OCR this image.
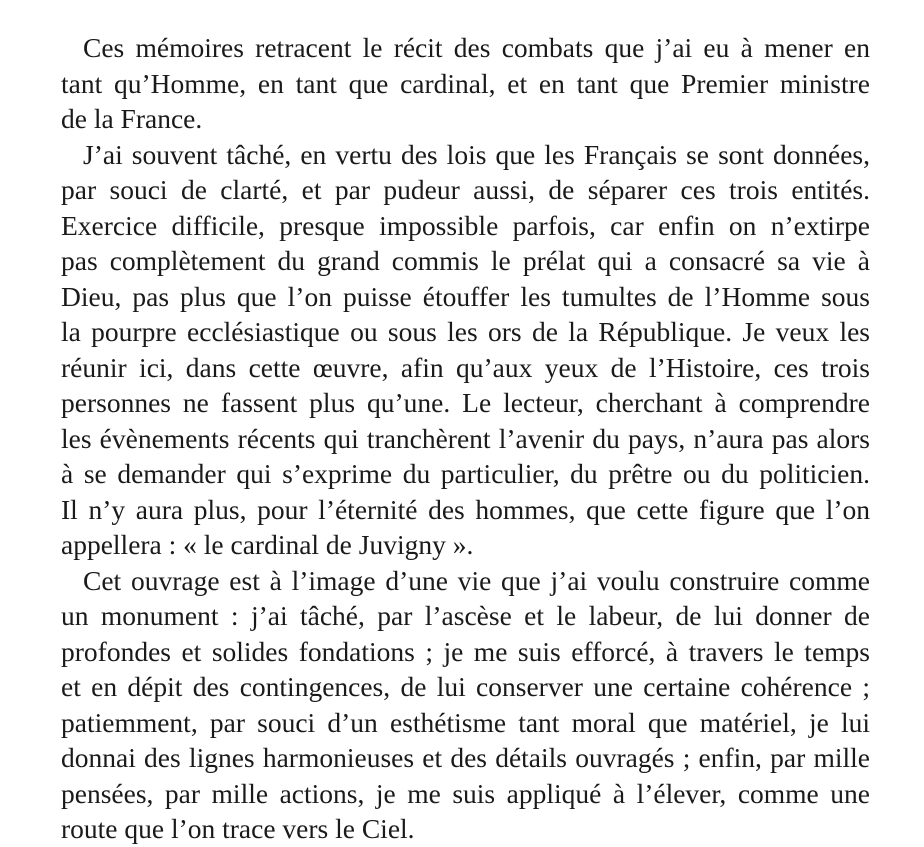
Ces mémoires retracent le récit des combats que j’ai eu à mener en
tant qu’Homme, en tant que cardinal, et en tant que Premier ministre
de la France.

J’ai souvent tâché, en vertu des lois que les Français se sont données,
par souci de clarté, et par pudeur aussi, de séparer ces trois entités.
Exercice difficile, presque impossible parfois, car enfin on n’extirpe
pas complètement du grand commis le prélat qui a consacré sa vie à
Dieu, pas plus que l’on puisse étouffer les tumultes de l’Homme sous
la pourpre ecclésiastique ou sous les ors de la République. Je veux les
réunir ici, dans cette œuvre, afin qu’aux yeux de l’Histoire, ces trois
personnes ne fassent plus qu’une. Le lecteur, cherchant à comprendre
les évènements récents qui tranchèrent l’avenir du pays, n’aura pas alors
à se demander qui s’exprime du particulier, du prêtre ou du politicien.
Il n’y aura plus, pour l’éternité des hommes, que cette figure que l’on
appellera : « le cardinal de Juvigny ».

Cet ouvrage est à l’image d’une vie que j’ai voulu construire comme
un monument : j’ai tâché, par l’ascèse et le labeur, de lui donner de
profondes et solides fondations ; je me suis efforcé, à travers le temps
et en dépit des contingences, de lui conserver une certaine cohérence ;
patiemment, par souci d’un esthétisme tant moral que matériel, je lui
donnai des lignes harmonieuses et des détails ouvragés ; enfin, par mille
pensées, par mille actions, je me suis appliqué à l’élever, comme une
route que l’on trace vers le Ciel.
